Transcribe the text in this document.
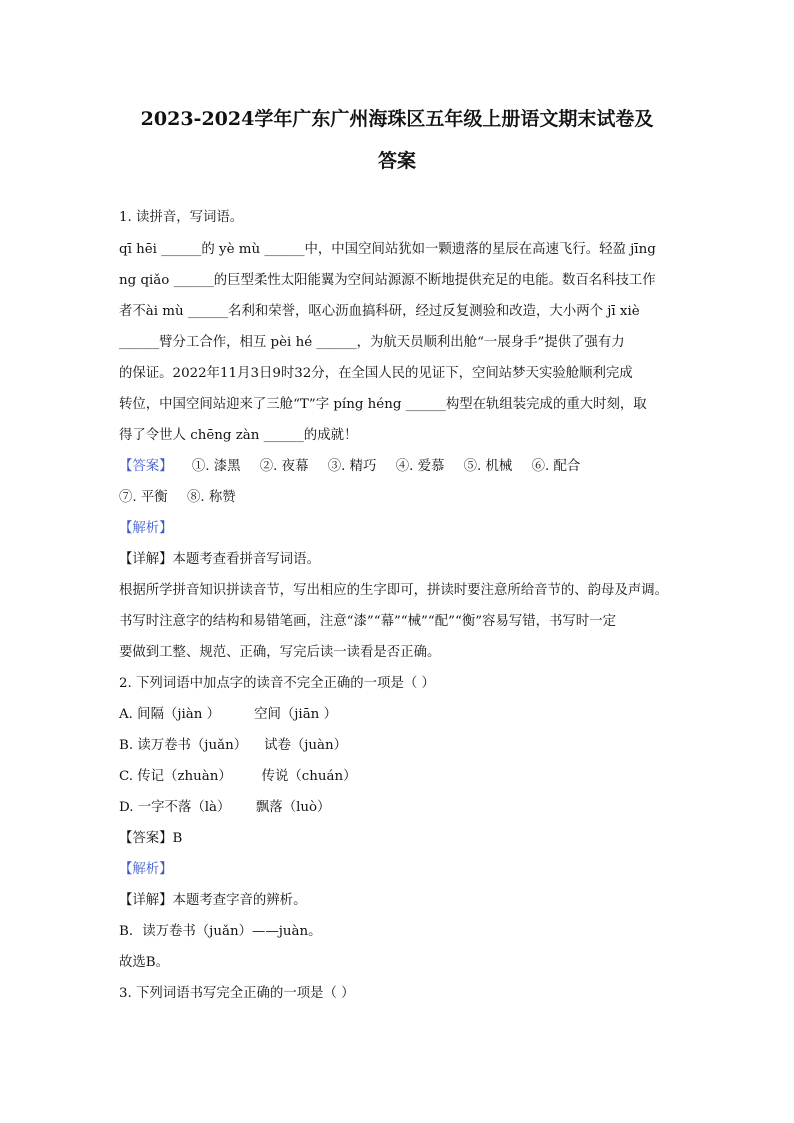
2023-2024学年广东广州海珠区五年级上册语文期末试卷及
答案
1. 读拼音，写词语。
qī hēi ______的 yè mù ______中，中国空间站犹如一颗遗落的星辰在高速飞行。轻盈 jīng
ng qiǎo ______的巨型柔性太阳能翼为空间站源源不断地提供充足的电能。数百名科技工作
者不ài mù ______名利和荣誉，呕心沥血搞科研，经过反复测验和改造，大小两个 jī xiè
______臂分工合作，相互 pèi hé ______，为航天员顺利出舱“一展身手”提供了强有力
的保证。2022年11月3日9时32分，在全国人民的见证下，空间站梦天实验舱顺利完成
转位，中国空间站迎来了三舱“T”字 píng héng ______构型在轨组装完成的重大时刻，取
得了令世人 chēng zàn ______的成就！
【答案】 ①. 漆黑 ②. 夜幕 ③. 精巧 ④. 爱慕 ⑤. 机械 ⑥. 配合
⑦. 平衡 ⑧. 称赞
【解析】
【详解】本题考查看拼音写词语。
根据所学拼音知识拼读音节，写出相应的生字即可，拼读时要注意所给音节的、韵母及声调。
书写时注意字的结构和易错笔画，注意“漆”“幕”“械”“配”“衡”容易写错，书写时一定
要做到工整、规范、正确，写完后读一读看是否正确。
2. 下列词语中加点字的读音不完全正确的一项是（ ）
A. 间隔（jiàn ）        空间（jiān ）
B. 读万卷书（juǎn）    试卷（juàn）
C. 传记（zhuàn）       传说（chuán）
D. 一字不落（là）      飘落（luò）
【答案】B
【解析】
【详解】本题考查字音的辨析。
B．读万卷书（juǎn）——juàn。
故选B。
3. 下列词语书写完全正确的一项是（ ）
